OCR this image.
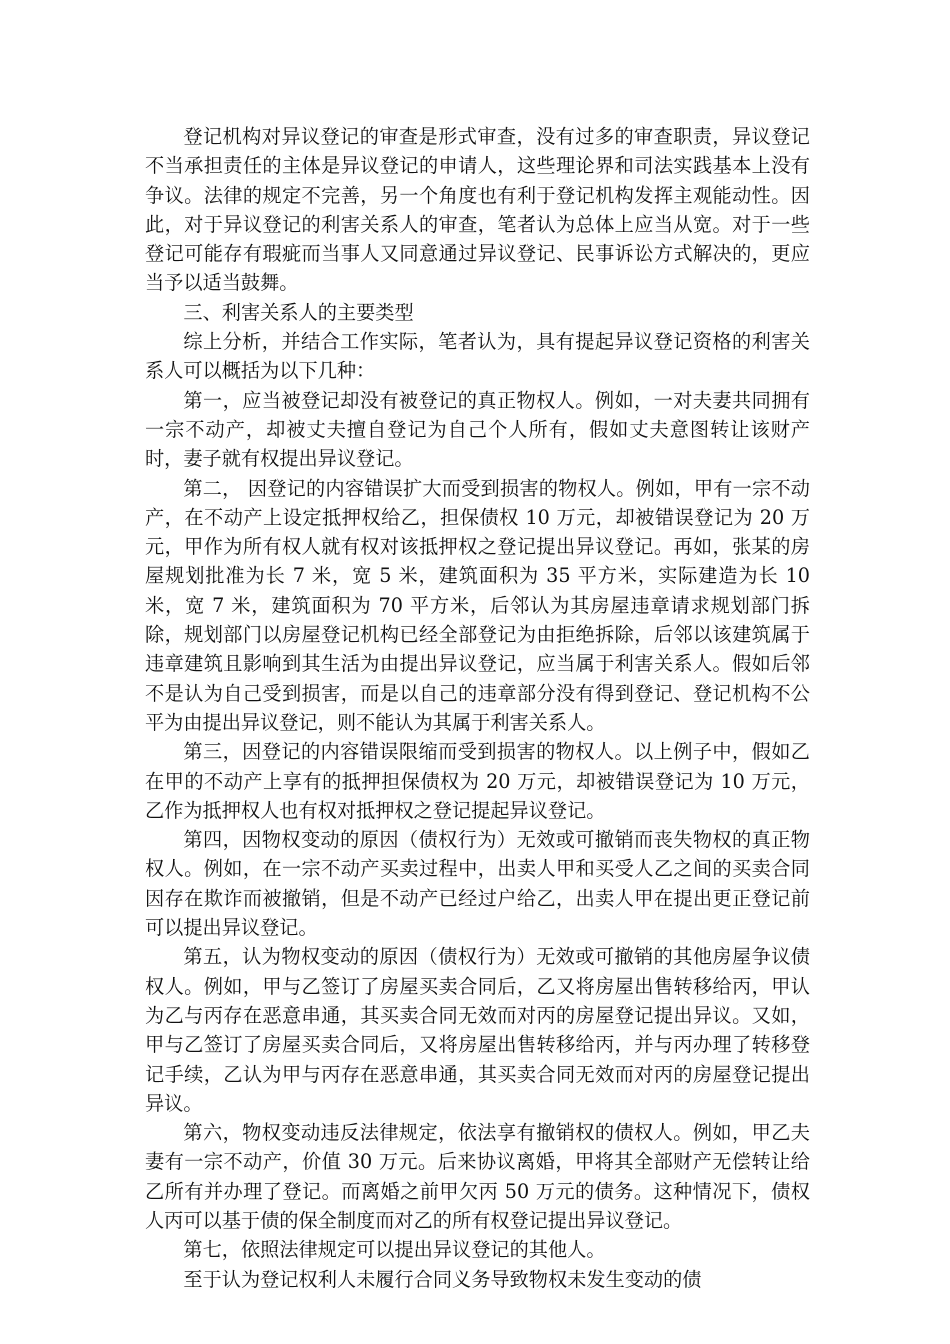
登记机构对异议登记的审查是形式审查，没有过多的审查职责，异议登记不当承担责任的主体是异议登记的申请人，这些理论界和司法实践基本上没有争议。法律的规定不完善，另一个角度也有利于登记机构发挥主观能动性。因此，对于异议登记的利害关系人的审查，笔者认为总体上应当从宽。对于一些登记可能存有瑕疵而当事人又同意通过异议登记、民事诉讼方式解决的，更应当予以适当鼓舞。

三、利害关系人的主要类型

综上分析，并结合工作实际，笔者认为，具有提起异议登记资格的利害关系人可以概括为以下几种：

第一，应当被登记却没有被登记的真正物权人。例如，一对夫妻共同拥有一宗不动产，却被丈夫擅自登记为自己个人所有，假如丈夫意图转让该财产时，妻子就有权提出异议登记。

第二， 因登记的内容错误扩大而受到损害的物权人。例如，甲有一宗不动产，在不动产上设定抵押权给乙，担保债权 10 万元，却被错误登记为 20 万元，甲作为所有权人就有权对该抵押权之登记提出异议登记。再如，张某的房屋规划批准为长 7 米，宽 5 米，建筑面积为 35 平方米，实际建造为长 10 米，宽 7 米，建筑面积为 70 平方米，后邻认为其房屋违章请求规划部门拆除，规划部门以房屋登记机构已经全部登记为由拒绝拆除，后邻以该建筑属于违章建筑且影响到其生活为由提出异议登记，应当属于利害关系人。假如后邻不是认为自己受到损害，而是以自己的违章部分没有得到登记、登记机构不公平为由提出异议登记，则不能认为其属于利害关系人。

第三，因登记的内容错误限缩而受到损害的物权人。以上例子中，假如乙在甲的不动产上享有的抵押担保债权为 20 万元，却被错误登记为 10 万元，乙作为抵押权人也有权对抵押权之登记提起异议登记。

第四，因物权变动的原因（债权行为）无效或可撤销而丧失物权的真正物权人。例如，在一宗不动产买卖过程中，出卖人甲和买受人乙之间的买卖合同因存在欺诈而被撤销，但是不动产已经过户给乙，出卖人甲在提出更正登记前可以提出异议登记。

第五，认为物权变动的原因（债权行为）无效或可撤销的其他房屋争议债权人。例如，甲与乙签订了房屋买卖合同后，乙又将房屋出售转移给丙，甲认为乙与丙存在恶意串通，其买卖合同无效而对丙的房屋登记提出异议。又如，甲与乙签订了房屋买卖合同后，又将房屋出售转移给丙，并与丙办理了转移登记手续，乙认为甲与丙存在恶意串通，其买卖合同无效而对丙的房屋登记提出异议。

第六，物权变动违反法律规定，依法享有撤销权的债权人。例如，甲乙夫妻有一宗不动产，价值 30 万元。后来协议离婚，甲将其全部财产无偿转让给乙所有并办理了登记。而离婚之前甲欠丙 50 万元的债务。这种情况下，债权人丙可以基于债的保全制度而对乙的所有权登记提出异议登记。

第七，依照法律规定可以提出异议登记的其他人。

至于认为登记权利人未履行合同义务导致物权未发生变动的债
